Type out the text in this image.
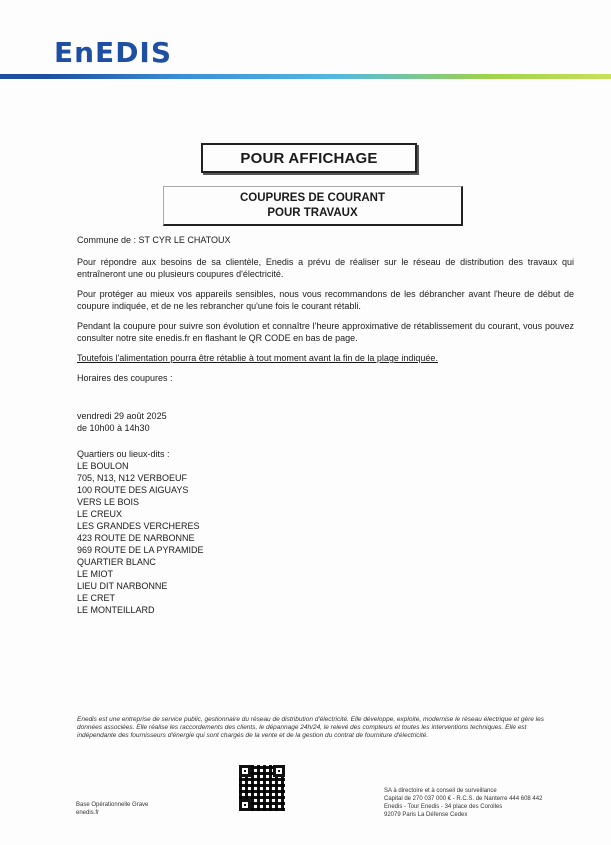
EnEDIS
POUR AFFICHAGE
COUPURES DE COURANT
POUR TRAVAUX

Commune de : ST CYR LE CHATOUX

Pour répondre aux besoins de sa clientèle, Enedis a prévu de réaliser sur le réseau de distribution des travaux qui entraîneront une ou plusieurs coupures d'électricité.

Pour protéger au mieux vos appareils sensibles, nous vous recommandons de les débrancher avant l'heure de début de coupure indiquée, et de ne les rebrancher qu'une fois le courant rétabli.

Pendant la coupure pour suivre son évolution et connaître l'heure approximative de rétablissement du courant, vous pouvez consulter notre site enedis.fr en flashant le QR CODE en bas de page.

Toutefois l'alimentation pourra être rétablie à tout moment avant la fin de la plage indiquée.

Horaires des coupures :

vendredi 29 août 2025
de 10h00 à 14h30
Quartiers ou lieux-dits :
LE BOULON
705, N13, N12 VERBOEUF
100 ROUTE DES AIGUAYS
VERS LE BOIS
LE CREUX
LES GRANDES VERCHERES
423 ROUTE DE NARBONNE
969 ROUTE DE LA PYRAMIDE
QUARTIER BLANC
LE MIOT
LIEU DIT NARBONNE
LE CRET
LE MONTEILLARD
Enedis est une entreprise de service public, gestionnaire du réseau de distribution d'électricité. Elle développe, exploite, modernise le réseau électrique et gère les données associées. Elle réalise les raccordements des clients, le dépannage 24h/24, le relevé des compteurs et toutes les interventions techniques. Elle est indépendante des fournisseurs d'énergie qui sont chargés de la vente et de la gestion du contrat de fourniture d'électricité.
Base Opérationnelle Grave
enedis.fr
SA à directoire et à conseil de surveillance
Capital de 270 037 000 € - R.C.S. de Nanterre 444 608 442
Enedis - Tour Enedis - 34 place des Corolles
92079 Paris La Défense Cedex
